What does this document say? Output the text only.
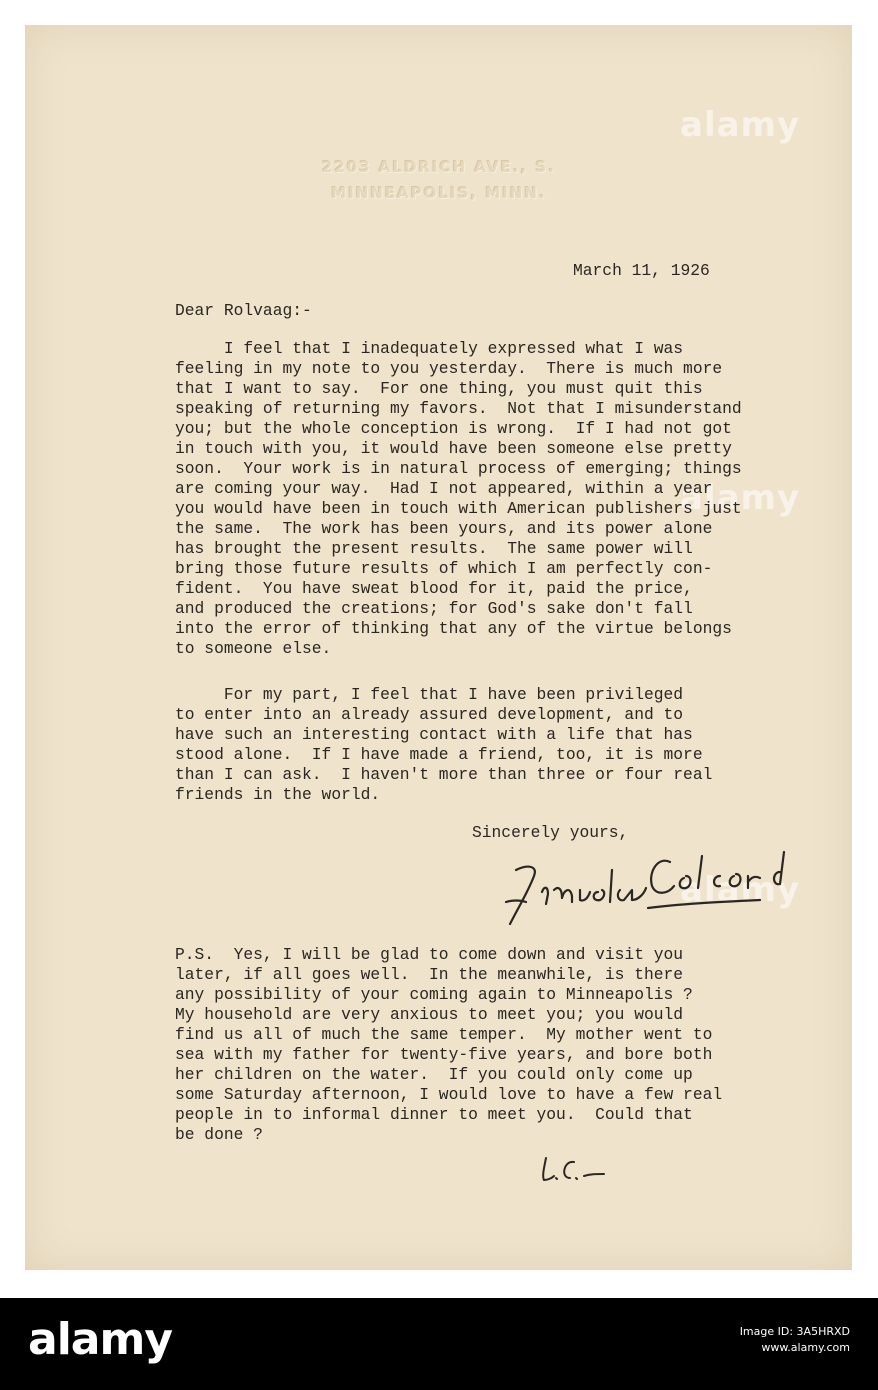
2203 ALDRICH AVE., S.
MINNEAPOLIS, MINN.
alamy
alamy
alamy
March 11, 1926
Dear Rolvaag:-
I feel that I inadequately expressed what I was
feeling in my note to you yesterday.  There is much more
that I want to say.  For one thing, you must quit this
speaking of returning my favors.  Not that I misunderstand
you; but the whole conception is wrong.  If I had not got
in touch with you, it would have been someone else pretty
soon.  Your work is in natural process of emerging; things
are coming your way.  Had I not appeared, within a year
you would have been in touch with American publishers just
the same.  The work has been yours, and its power alone
has brought the present results.  The same power will
bring those future results of which I am perfectly con-
fident.  You have sweat blood for it, paid the price,
and produced the creations; for God's sake don't fall
into the error of thinking that any of the virtue belongs
to someone else.
For my part, I feel that I have been privileged
to enter into an already assured development, and to
have such an interesting contact with a life that has
stood alone.  If I have made a friend, too, it is more
than I can ask.  I haven't more than three or four real
friends in the world.
Sincerely yours,
Lincoln Colcord
P.S.  Yes, I will be glad to come down and visit you
later, if all goes well.  In the meanwhile, is there
any possibility of your coming again to Minneapolis ?
My household are very anxious to meet you; you would
find us all of much the same temper.  My mother went to
sea with my father for twenty-five years, and bore both
her children on the water.  If you could only come up
some Saturday afternoon, I would love to have a few real
people in to informal dinner to meet you.  Could that
be done ?
L.C.
alamy	Image ID: 3A5HRXD
www.alamy.com
